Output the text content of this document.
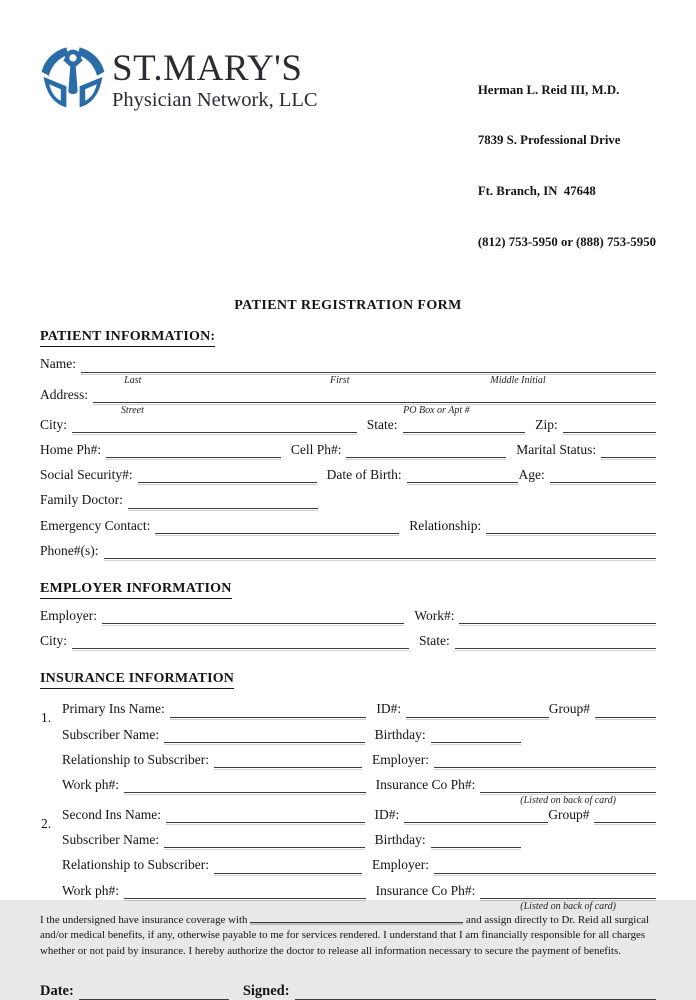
ST.MARY'S
Physician Network, LLC

	Herman L. Reid III, M.D.

7839 S. Professional Drive

Ft. Branch, IN  47648

(812) 753-5950 or (888) 753-5950

PATIENT REGISTRATION FORM
PATIENT INFORMATION:
Name:
Last	First	Middle Initial
Address:
Street	PO Box or Apt #
City:	State:	Zip:
Home Ph#:	Cell Ph#:	Marital Status:
Social Security#:	Date of Birth:	Age:
Family Doctor:
Emergency Contact:	Relationship:
Phone#(s):
EMPLOYER INFORMATION
Employer:	Work#:
City:	State:
INSURANCE INFORMATION
1.
Primary Ins Name:	ID#:	Group#
Subscriber Name:	Birthday:
Relationship to Subscriber:	Employer:
Work ph#:	Insurance Co Ph#:
(Listed on back of card)
2.
Second Ins Name:	ID#:	Group#
Subscriber Name:	Birthday:
Relationship to Subscriber:	Employer:
Work ph#:	Insurance Co Ph#:
(Listed on back of card)

I the undersigned have insurance coverage with	and assign directly to Dr. Reid all surgical and/or medical benefits, if any, otherwise payable to me for services rendered. I understand that I am financially responsible for all charges whether or not paid by insurance. I hereby authorize the doctor to release all information necessary to secure the payment of benefits.

Date:	Signed:
